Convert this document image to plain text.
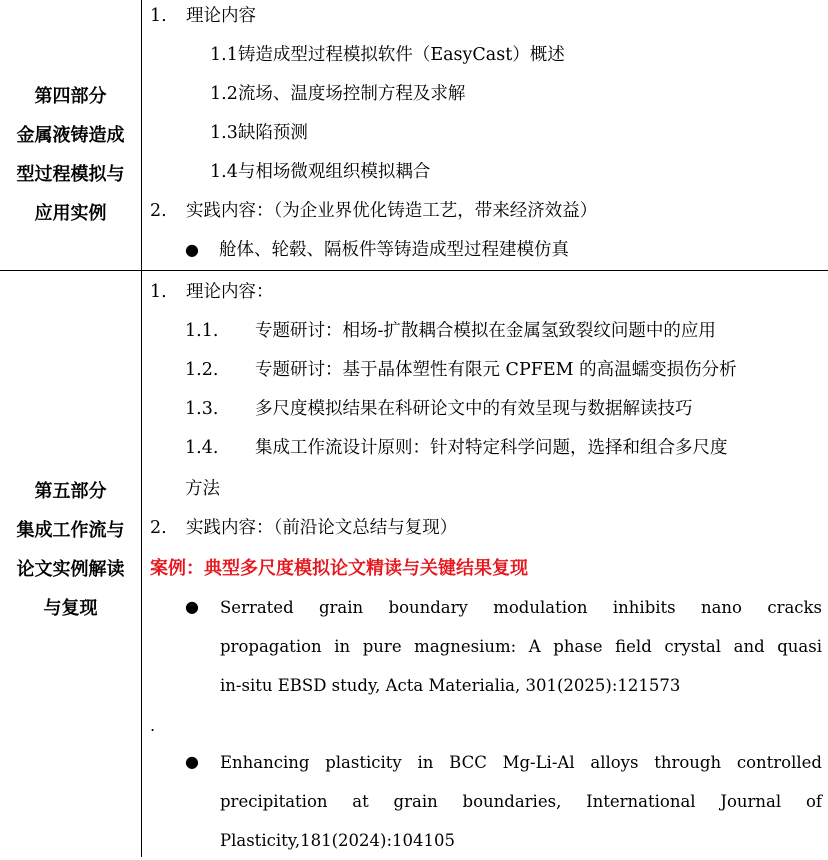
第四部分
金属液铸造成
型过程模拟与
应用实例
1. 理论内容
1.1铸造成型过程模拟软件（EasyCast）概述
1.2流场、温度场控制方程及求解
1.3缺陷预测
1.4与相场微观组织模拟耦合
2. 实践内容：（为企业界优化铸造工艺，带来经济效益）
● 舱体、轮毂、隔板件等铸造成型过程建模仿真
第五部分
集成工作流与
论文实例解读
与复现
1. 理论内容：
1.1. 专题研讨：相场-扩散耦合模拟在金属氢致裂纹问题中的应用
1.2. 专题研讨：基于晶体塑性有限元 CPFEM 的高温蠕变损伤分析
1.3. 多尺度模拟结果在科研论文中的有效呈现与数据解读技巧
1.4. 集成工作流设计原则：针对特定科学问题，选择和组合多尺度
方法
2. 实践内容：（前沿论文总结与复现）
案例：典型多尺度模拟论文精读与关键结果复现
● Serrated grain boundary modulation inhibits nano cracks
propagation in pure magnesium: A phase field crystal and quasi
in-situ EBSD study, Acta Materialia, 301(2025):121573
.
● Enhancing plasticity in BCC Mg-Li-Al alloys through controlled
precipitation at grain boundaries, International Journal of
Plasticity,181(2024):104105
